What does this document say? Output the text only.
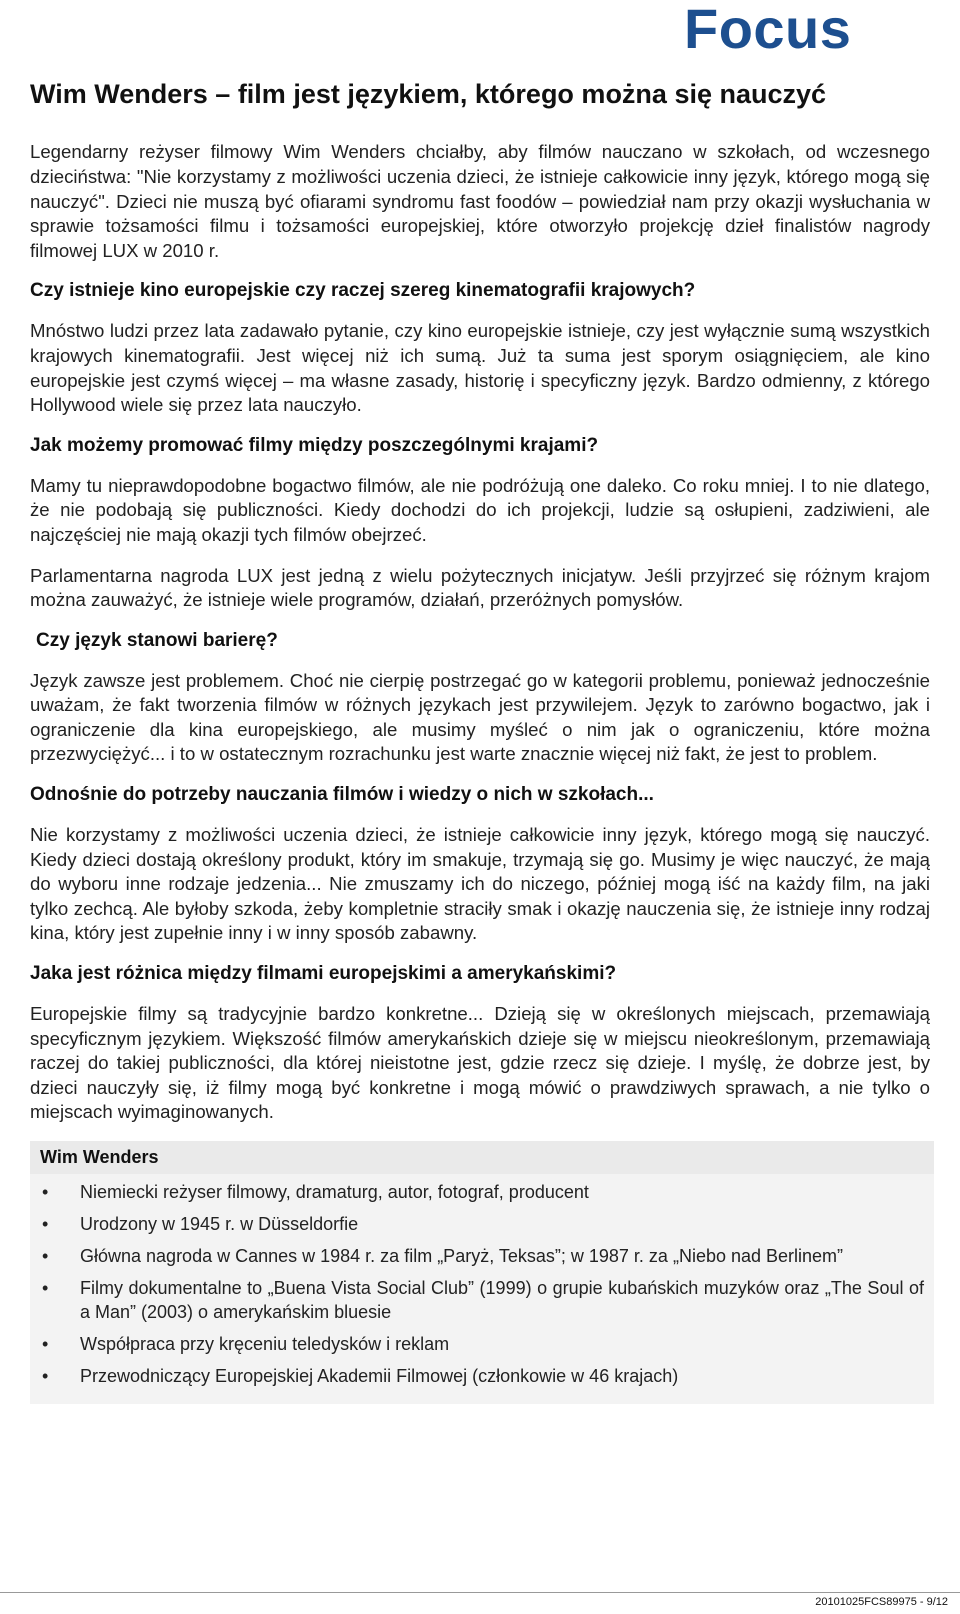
Focus
Wim Wenders – film jest językiem, którego można się nauczyć

Legendarny reżyser filmowy Wim Wenders chciałby, aby filmów nauczano w szkołach, od wczesnego dzieciństwa: "Nie korzystamy z możliwości uczenia dzieci, że istnieje całkowicie inny język, którego mogą się nauczyć". Dzieci nie muszą być ofiarami syndromu fast foodów – powiedział nam przy okazji wysłuchania w sprawie tożsamości filmu i tożsamości europejskiej, które otworzyło projekcję dzieł finalistów nagrody filmowej LUX w 2010 r.

Czy istnieje kino europejskie czy raczej szereg kinematografii krajowych?

Mnóstwo ludzi przez lata zadawało pytanie, czy kino europejskie istnieje, czy jest wyłącznie sumą wszystkich krajowych kinematografii. Jest więcej niż ich sumą. Już ta suma jest sporym osiągnięciem, ale kino europejskie jest czymś więcej – ma własne zasady, historię i specyficzny język. Bardzo odmienny, z którego Hollywood wiele się przez lata nauczyło.

Jak możemy promować filmy między poszczególnymi krajami?

Mamy tu nieprawdopodobne bogactwo filmów, ale nie podróżują one daleko. Co roku mniej. I to nie dlatego, że nie podobają się publiczności. Kiedy dochodzi do ich projekcji, ludzie są osłupieni, zadziwieni, ale najczęściej nie mają okazji tych filmów obejrzeć.

Parlamentarna nagroda LUX jest jedną z wielu pożytecznych inicjatyw. Jeśli przyjrzeć się różnym krajom można zauważyć, że istnieje wiele programów, działań, przeróżnych pomysłów.

Czy język stanowi barierę?

Język zawsze jest problemem. Choć nie cierpię postrzegać go w kategorii problemu, ponieważ jednocześnie uważam, że fakt tworzenia filmów w różnych językach jest przywilejem. Język to zarówno bogactwo, jak i ograniczenie dla kina europejskiego, ale musimy myśleć o nim jak o ograniczeniu, które można przezwyciężyć... i to w ostatecznym rozrachunku jest warte znacznie więcej niż fakt, że jest to problem.

Odnośnie do potrzeby nauczania filmów i wiedzy o nich w szkołach...

Nie korzystamy z możliwości uczenia dzieci, że istnieje całkowicie inny język, którego mogą się nauczyć. Kiedy dzieci dostają określony produkt, który im smakuje, trzymają się go. Musimy je więc nauczyć, że mają do wyboru inne rodzaje jedzenia... Nie zmuszamy ich do niczego, później mogą iść na każdy film, na jaki tylko zechcą. Ale byłoby szkoda, żeby kompletnie straciły smak i okazję nauczenia się, że istnieje inny rodzaj kina, który jest zupełnie inny i w inny sposób zabawny.

Jaka jest różnica między filmami europejskimi a amerykańskimi?

Europejskie filmy są tradycyjnie bardzo konkretne... Dzieją się w określonych miejscach, przemawiają specyficznym językiem. Większość filmów amerykańskich dzieje się w miejscu nieokreślonym, przemawiają raczej do takiej publiczności, dla której nieistotne jest, gdzie rzecz się dzieje. I myślę, że dobrze jest, by dzieci nauczyły się, iż filmy mogą być konkretne i mogą mówić o prawdziwych sprawach, a nie tylko o miejscach wyimaginowanych.

Wim Wenders
• Niemiecki reżyser filmowy, dramaturg, autor, fotograf, producent
• Urodzony w 1945 r. w Düsseldorfie
• Główna nagroda w Cannes w 1984 r. za film „Paryż, Teksas”; w 1987 r. za „Niebo nad Berlinem”
• Filmy dokumentalne to „Buena Vista Social Club” (1999) o grupie kubańskich muzyków oraz „The Soul of a Man” (2003) o amerykańskim bluesie
• Współpraca przy kręceniu teledysków i reklam
• Przewodniczący Europejskiej Akademii Filmowej (członkowie w 46 krajach)
20101025FCS89975 - 9/12
